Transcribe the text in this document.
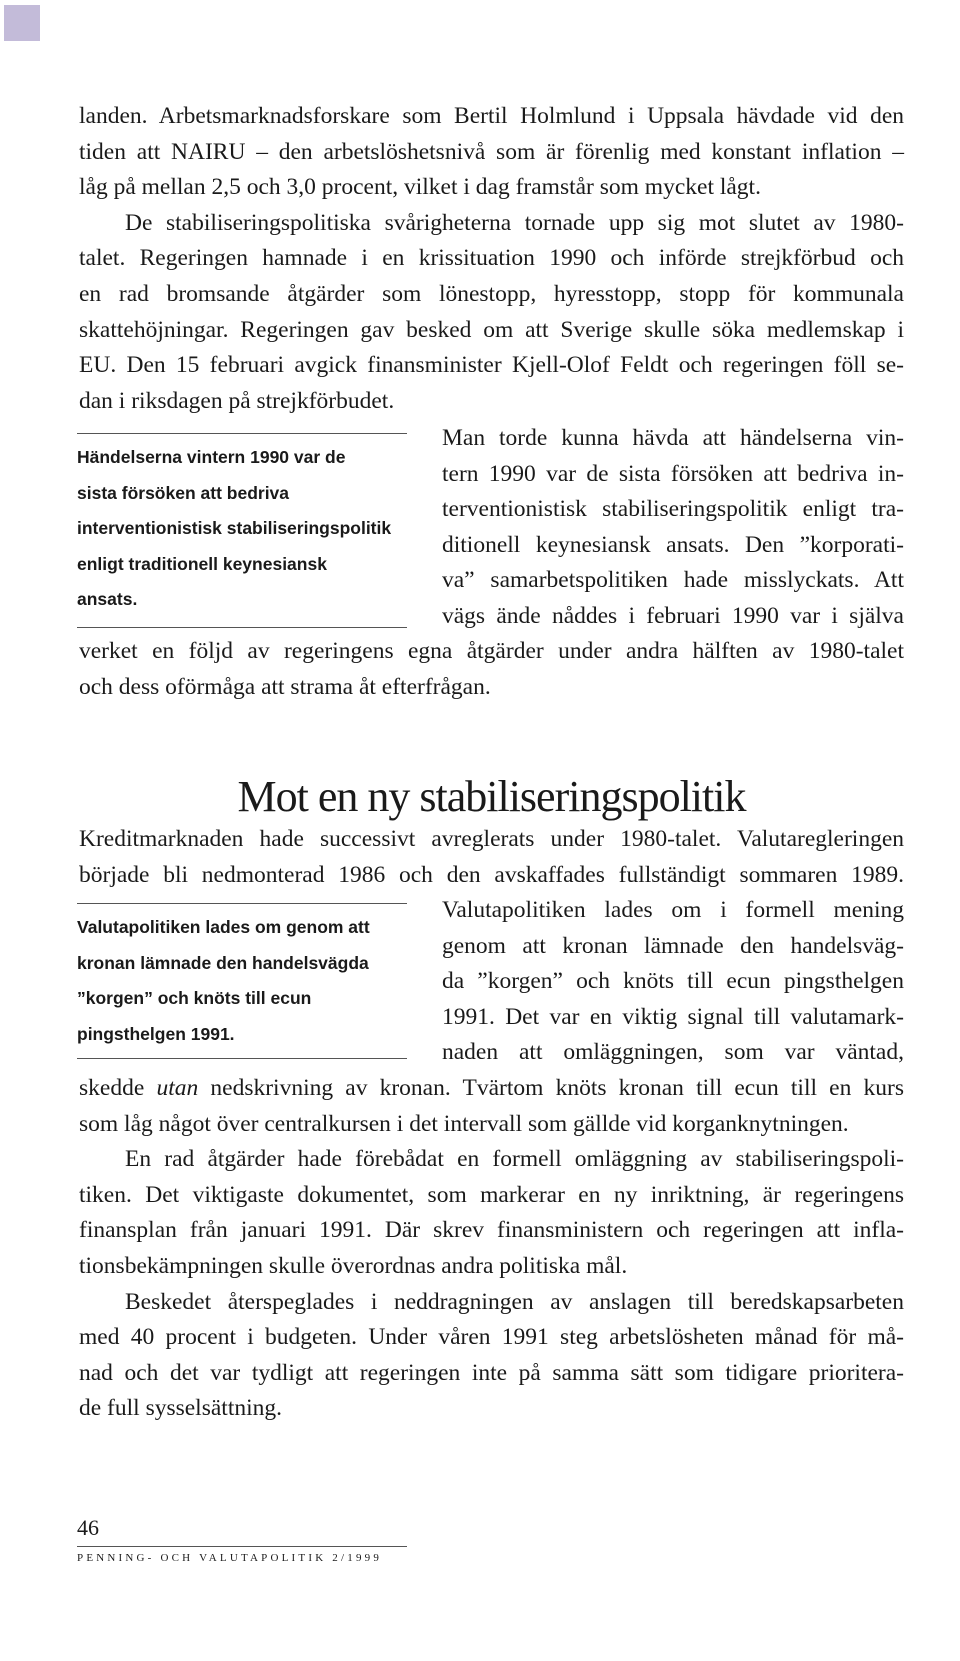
landen. Arbetsmarknadsforskare som Bertil Holmlund i Uppsala hävdade vid den

tiden att NAIRU – den arbetslöshetsnivå som är förenlig med konstant inflation –

låg på mellan 2,5 och 3,0 procent, vilket i dag framstår som mycket lågt.

De stabiliseringspolitiska svårigheterna tornade upp sig mot slutet av 1980-

talet. Regeringen hamnade i en krissituation 1990 och införde strejkförbud och

en rad bromsande åtgärder som lönestopp, hyresstopp, stopp för kommunala

skattehöjningar. Regeringen gav besked om att Sverige skulle söka medlemskap i

EU. Den 15 februari avgick finansminister Kjell-Olof Feldt och regeringen föll se-

dan i riksdagen på strejkförbudet.

Händelserna vintern 1990 var de
sista försöken att bedriva
interventionistisk stabiliseringspolitik
enligt traditionell keynesiansk
ansats.

Man torde kunna hävda att händelserna vin-

tern 1990 var de sista försöken att bedriva in-

terventionistisk stabiliseringspolitik enligt tra-

ditionell keynesiansk ansats. Den ”korporati-

va” samarbetspolitiken hade misslyckats. Att

vägs ände nåddes i februari 1990 var i själva

verket en följd av regeringens egna åtgärder under andra hälften av 1980-talet

och dess oförmåga att strama åt efterfrågan.

Mot en ny stabiliseringspolitik

Kreditmarknaden hade successivt avreglerats under 1980-talet. Valutaregleringen

började bli nedmonterad 1986 och den avskaffades fullständigt sommaren 1989.

Valutapolitiken lades om genom att
kronan lämnade den handelsvägda
”korgen” och knöts till ecun
pingsthelgen 1991.

Valutapolitiken lades om i formell mening

genom att kronan lämnade den handelsväg-

da ”korgen” och knöts till ecun pingsthelgen

1991. Det var en viktig signal till valutamark-

naden att omläggningen, som var väntad,

skedde utan nedskrivning av kronan. Tvärtom knöts kronan till ecun till en kurs

som låg något över centralkursen i det intervall som gällde vid korganknytningen.

En rad åtgärder hade förebådat en formell omläggning av stabiliseringspoli-

tiken. Det viktigaste dokumentet, som markerar en ny inriktning, är regeringens

finansplan från januari 1991. Där skrev finansministern och regeringen att infla-

tionsbekämpningen skulle överordnas andra politiska mål.

Beskedet återspeglades i neddragningen av anslagen till beredskapsarbeten

med 40 procent i budgeten. Under våren 1991 steg arbetslösheten månad för må-

nad och det var tydligt att regeringen inte på samma sätt som tidigare prioritera-

de full sysselsättning.

46
PENNING- OCH VALUTAPOLITIK 2/1999
